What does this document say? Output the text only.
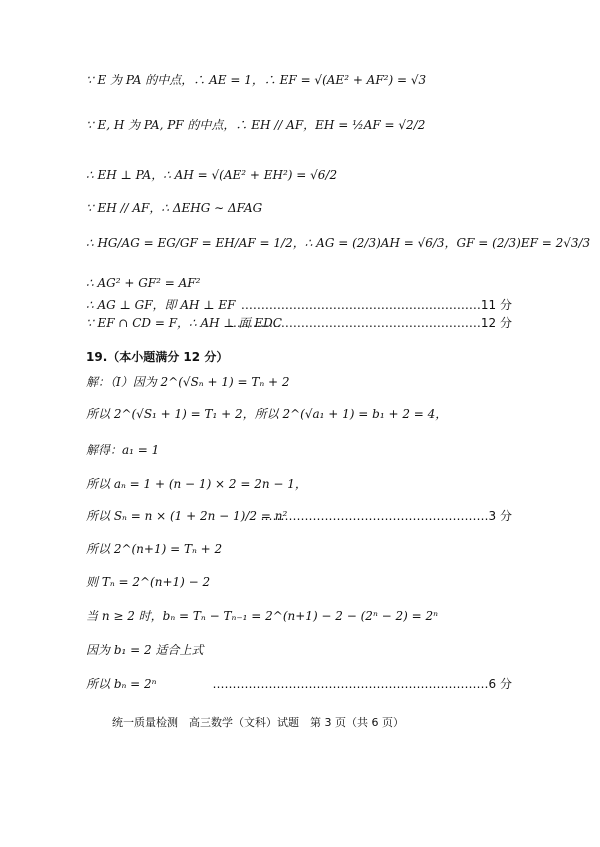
∵ E 为 PA 的中点，∴ AE = 1，∴ EF = √(AE² + AF²) = √3
∵ E, H 为 PA, PF 的中点，∴ EH // AF，EH = ½AF = √2/2
∴ EH ⊥ PA，∴ AH = √(AE² + EH²) = √6/2
∵ EH // AF，∴ ΔEHG ∼ ΔFAG
∴ HG/AG = EG/GF = EH/AF = 1/2，∴ AG = (2/3)AH = √6/3，GF = (2/3)EF = 2√3/3
∴ AG² + GF² = AF²
∴ AG ⊥ GF，即 AH ⊥ EF ……………………………………………………11 分
∵ EF ∩ CD = F，∴ AH ⊥ 面 EDC
………………………………………………………12 分
19.（本小题满分 12 分）
解：（Ⅰ）因为 2^(√Sₙ + 1) = Tₙ + 2
所以 2^(√S₁ + 1) = T₁ + 2，所以 2^(√a₁ + 1) = b₁ + 2 = 4，
解得：a₁ = 1
所以 aₙ = 1 + (n − 1) × 2 = 2n − 1，
所以 Sₙ = n × (1 + 2n − 1)/2 = n²
…………………………………………………3 分
所以 2^(n+1) = Tₙ + 2
则 Tₙ = 2^(n+1) − 2
当 n ≥ 2 时，bₙ = Tₙ − Tₙ₋₁ = 2^(n+1) − 2 − (2ⁿ − 2) = 2ⁿ
因为 b₁ = 2 适合上式
所以 bₙ = 2ⁿ	……………………………………………………………6 分
统一质量检测　高三数学（文科）试题　第 3 页（共 6 页）
